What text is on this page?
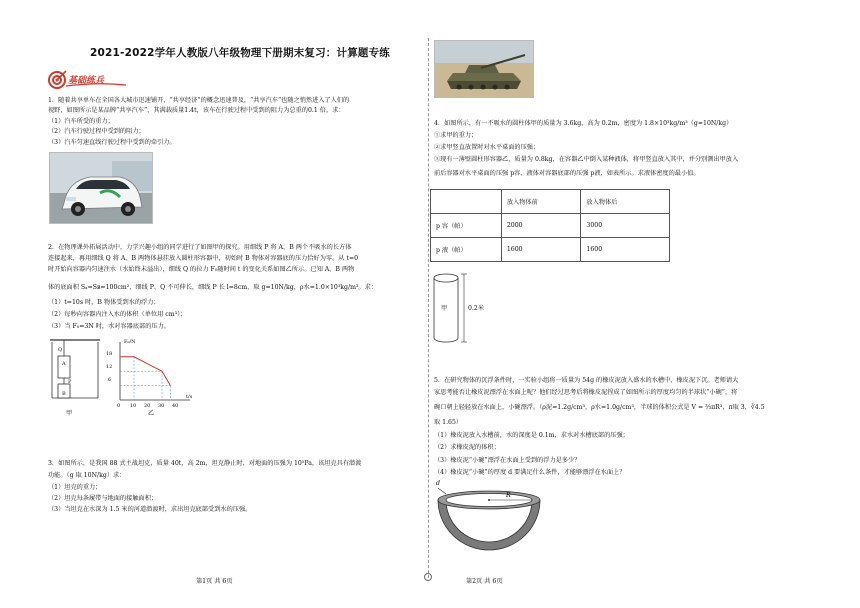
2021-2022学年人教版八年级物理下册期末复习：计算题专练
基础练兵
1．随着共享单车在全国各大城市迅速铺开，“共享经济”的概念迅速普及，“共享汽车”也随之悄然进入了人们的
视野，如图所示是某品牌“共享汽车”，其满载质量1.4t，该车在行驶过程中受到的阻力为总重的0.1 倍，求：
（1）汽车所受的重力；
（2）汽车行驶过程中受到的阻力；
（3）汽车匀速直线行驶过程中受到的牵引力。
2．在物理课外拓展活动中，力学兴趣小组的同学进行了如图甲的探究。用细线 P 将 A、B 两个不吸水的长方体
连接起来，再用细线 Q 将 A、B 两物体悬挂放入圆柱形容器中，初始时 B 物体对容器底的压力恰好为零。从 t=0
时开始向容器内匀速注水（水始终未溢出），细线 Q 的拉力 F₀随时间 t 的变化关系如图乙所示。已知 A、B 两物
体的底面积 Sₐ=Sʙ=100cm²，细线 P、Q 不可伸长，细线 P 长 l=8cm，取 g=10N/kg，ρ水=1.0×10³kg/m³。求：
（1）t=10s 时，B 物体受到水的浮力；
（2）每秒向容器内注入水的体积（单位用 cm³）；
（3）当 F₀=3N 时，水对容器底部的压力。
Q
A
P
B
甲
F₀/N
18
12
6
0 10 20 30 40
t/s
乙
3．如图所示，是我国 88 式主战坦克，质量 40t，高 2m，坦克静止时，对地面的压强为 10⁵Pa，该坦克具有潜渡
功能。（g 取 10N/kg）求：
（1）坦克的重力；
（2）坦克每条履带与地面的接触面积；
（3）当坦克在水深为 1.5 米的河道潜渡时，求出坦克底部受到水的压强。
第1页 共 6页
4．如图所示，有一不吸水的圆柱体甲的质量为 3.6kg，高为 0.2m，密度为 1.8×10³kg/m³（g=10N/kg）
①求甲的重力；
②求甲竖直放置时对水平桌面的压强；
③现有一薄壁圆柱形容器乙，质量为 0.8kg，在容器乙中倒入某种液体，将甲竖直放入其中，并分别测出甲放入
前后容器对水平桌面的压强 p容、液体对容器底部的压强 p液，如表所示。求液体密度的最小值。
	放入物体前	放入物体后
p 容（帕）	2000	3000
p 液（帕）	1600	1600
甲	0.2米
5．在研究物体的沉浮条件时，一实验小组将一质量为 54g 的橡皮泥放入盛水的水槽中，橡皮泥下沉。老师请大
家思考能否让橡皮泥漂浮在水面上呢？他们经过思考后将橡皮泥捏成了如图所示的厚度均匀的半球状“小碗”，将
碗口朝上轻轻放在水面上，小碗漂浮。（ρ泥=1.2g/cm³，ρ水=1.0g/cm³，半球的体积公式是 V = ⅔πR³，π取 3，∛4.5
取 1.65）
（1）橡皮泥放入水槽前，水的深度是 0.1m，求水对水槽底部的压强；
（2）求橡皮泥的体积；
（3）橡皮泥“小碗”漂浮在水面上受到的浮力是多少？
（4）橡皮泥“小碗”的厚度 d 要满足什么条件，才能够漂浮在水面上？
d
R
第2页 共 6页
